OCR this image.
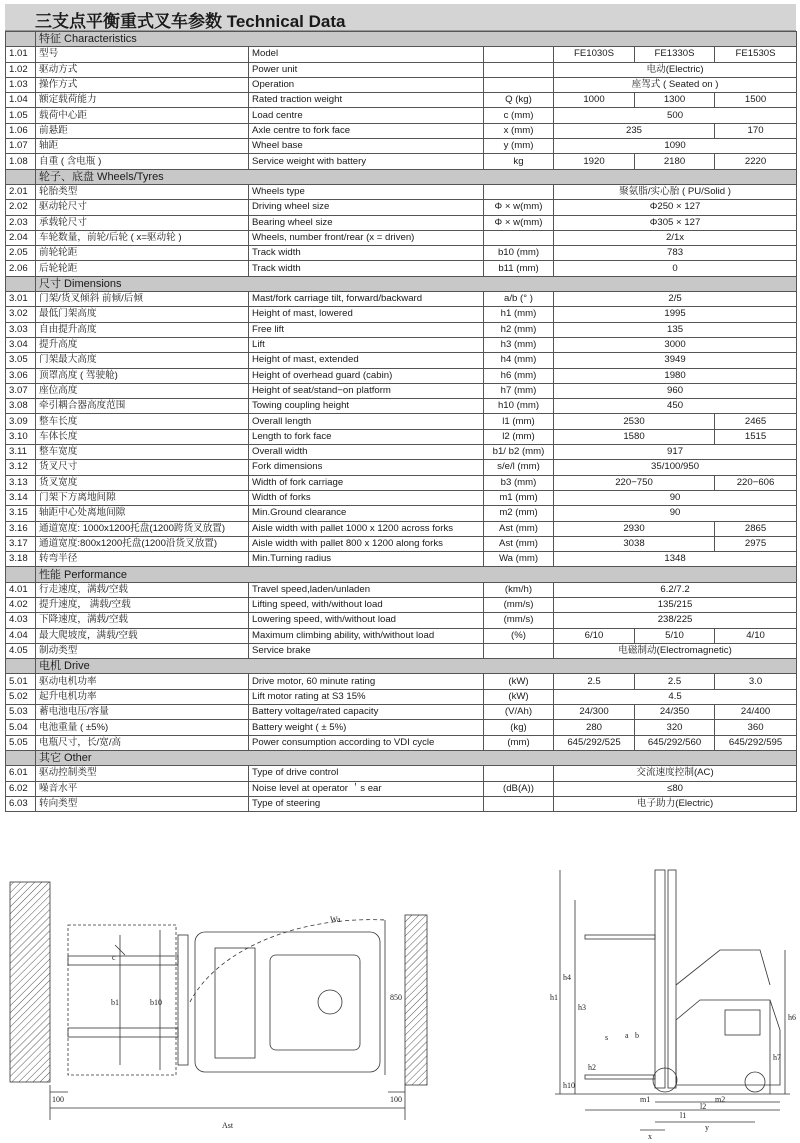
三支点平衡重式叉车参数 Technical Data
	特征 Characteristics					
1.01	型号	Model		FE1030S	FE1330S	FE1530S
1.02	驱动方式	Power unit		电动(Electric)		
1.03	操作方式	Operation		座驾式 ( Seated on )		
1.04	额定载荷能力	Rated traction weight	Q (kg)	1000	1300	1500
1.05	载荷中心距	Load centre	c (mm)	500		
1.06	前悬距	Axle centre to fork face	x (mm)	235		170
1.07	轴距	Wheel base	y (mm)	1090		
1.08	自重 ( 含电瓶 )	Service weight with battery	kg	1920	2180	2220
	轮子、底盘 Wheels/Tyres					
2.01	轮胎类型	Wheels type		聚氨脂/实心胎 ( PU/Solid )		
2.02	驱动轮尺寸	Driving wheel size	Φ × w(mm)	Φ250 × 127		
2.03	承载轮尺寸	Bearing wheel size	Φ × w(mm)	Φ305 × 127		
2.04	车轮数量，前轮/后轮 ( x=驱动轮 )	Wheels, number front/rear (x = driven)		2/1x		
2.05	前轮轮距	Track width	b10 (mm)	783		
2.06	后轮轮距	Track width	b11 (mm)	0		
	尺寸 Dimensions					
3.01	门架/货叉倾斜 前倾/后倾	Mast/fork carriage tilt, forward/backward	a/b (° )	2/5		
3.02	最低门架高度	Height of mast, lowered	h1 (mm)	1995		
3.03	自由提升高度	Free lift	h2 (mm)	135		
3.04	提升高度	Lift	h3 (mm)	3000		
3.05	门架最大高度	Height of mast, extended	h4 (mm)	3949		
3.06	顶罩高度 ( 驾驶舱)	Height of overhead guard (cabin)	h6 (mm)	1980		
3.07	座位高度	Height of seat/stand−on platform	h7 (mm)	960		
3.08	牵引耦合器高度范围	Towing coupling height	h10 (mm)	450		
3.09	整车长度	Overall length	l1 (mm)	2530		2465
3.10	车体长度	Length to fork face	l2 (mm)	1580		1515
3.11	整车宽度	Overall width	b1/ b2 (mm)	917		
3.12	货叉尺寸	Fork dimensions	s/e/l (mm)	35/100/950		
3.13	货叉宽度	Width of fork carriage	b3 (mm)	220−750		220−606
3.14	门架下方离地间隙	Width of forks	m1 (mm)	90		
3.15	轴距中心处离地间隙	Min.Ground clearance	m2 (mm)	90		
3.16	通道宽度: 1000x1200托盘(1200跨货叉放置)	Aisle width with pallet 1000 x 1200 across forks	Ast (mm)	2930		2865
3.17	通道宽度:800x1200托盘(1200沿货叉放置)	Aisle width with pallet 800 x 1200 along forks	Ast (mm)	3038		2975
3.18	转弯半径	Min.Turning radius	Wa (mm)	1348		
	性能 Performance					
4.01	行走速度，满载/空载	Travel speed,laden/unladen	(km/h)	6.2/7.2		
4.02	提升速度， 满载/空载	Lifting speed, with/without load	(mm/s)	135/215		
4.03	下降速度，满载/空载	Lowering speed, with/without load	(mm/s)	238/225		
4.04	最大爬坡度，满载/空载	Maximum climbing ability, with/without load	(%)	6/10	5/10	4/10
4.05	制动类型	Service brake		电磁制动(Electromagnetic)		
	电机 Drive					
5.01	驱动电机功率	Drive motor, 60 minute rating	(kW)	2.5	2.5	3.0
5.02	起升电机功率	Lift motor rating at S3 15%	(kW)	4.5		
5.03	蓄电池电压/容量	Battery voltage/rated capacity	(V/Ah)	24/300	24/350	24/400
5.04	电池重量 ( ±5%)	Battery weight ( ± 5%)	(kg)	280	320	360
5.05	电瓶尺寸，长/宽/高	Power consumption according to VDI cycle	(mm)	645/292/525	645/292/560	645/292/595
	其它 Other					
6.01	驱动控制类型	Type of drive control		交流速度控制(AC)		
6.02	噪音水平	Noise level at operator ＇s ear	(dB(A))	≤80		
6.03	转向类型	Type of steering		电子助力(Electric)		
Wa
b1	b10
850
c
100	100
Ast
h1
h4
h3
h6
h7
h2
h10
l1
l2
y
x
s a b
m1	m2
